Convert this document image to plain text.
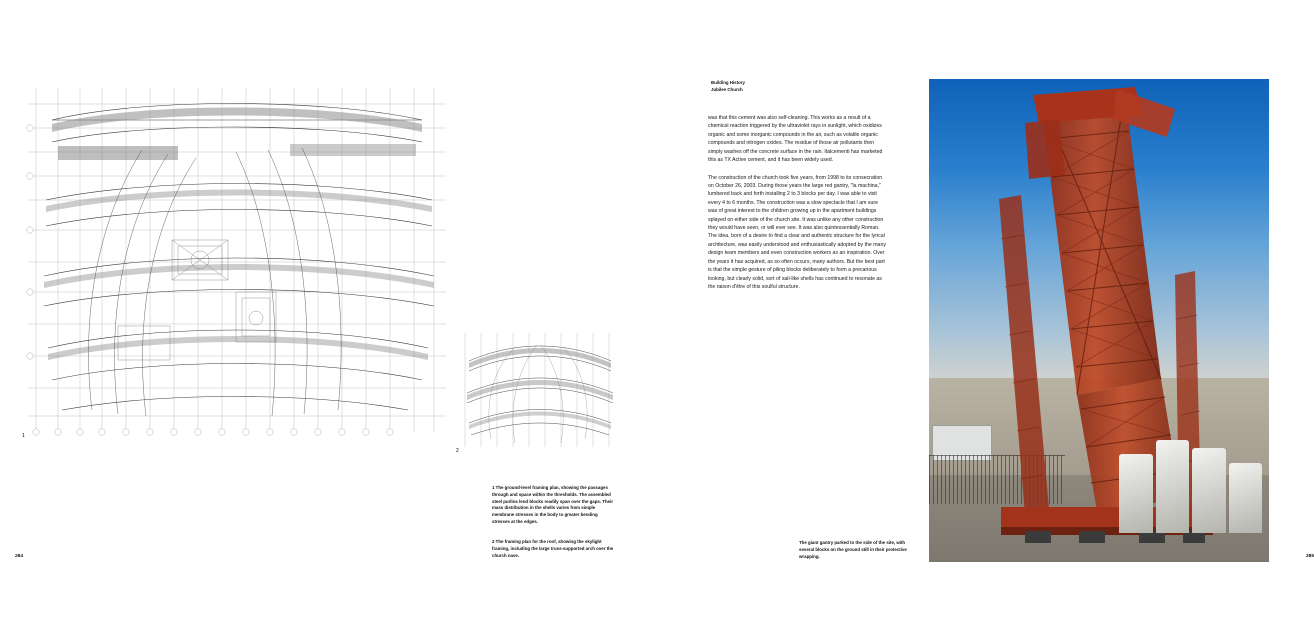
1
2
1 The ground-level framing plan, showing the passages through and space within the thresholds. The assembled steel purlins lend blocks readily span over the gaps. Their mass distribution in the shells varies from simple membrane stresses in the body to greater bending stresses at the edges.
2 The framing plan for the roof, showing the skylight framing, including the large truss-supported arch over the church nave.
284
Building History
Jubilee Church

was that this cement was also self-cleaning. This works as a result of a chemical reaction triggered by the ultraviolet rays in sunlight, which oxidizes organic and some inorganic compounds in the air, such as volatile organic compounds and nitrogen oxides. The residue of those air pollutants then simply washes off the concrete surface in the rain. Italcementi has marketed this as TX Active cement, and it has been widely used.

The construction of the church took five years, from 1998 to its consecration on October 26, 2003. During those years the large red gantry, "la machina," lumbered back and forth installing 2 to 3 blocks per day. I was able to visit every 4 to 6 months. The construction was a slow spectacle that I am sure was of great interest to the children growing up in the apartment buildings splayed on either side of the church site. It was unlike any other construction they would have seen, or will ever see. It was also quintessentially Roman. The idea, born of a desire to find a clear and authentic structure for the lyrical architecture, was easily understood and enthusiastically adopted by the many design team members and even construction workers as an inspiration. Over the years it has acquired, as so often occurs, many authors. But the best part is that the simple gesture of piling blocks deliberately to form a precarious looking, but clearly solid, sort of sail-like shells has continued to resonate as the raison d'être of this soulful structure.

The giant gantry parked to the side of the site, with several blocks on the ground still in their protective wrapping.	285
